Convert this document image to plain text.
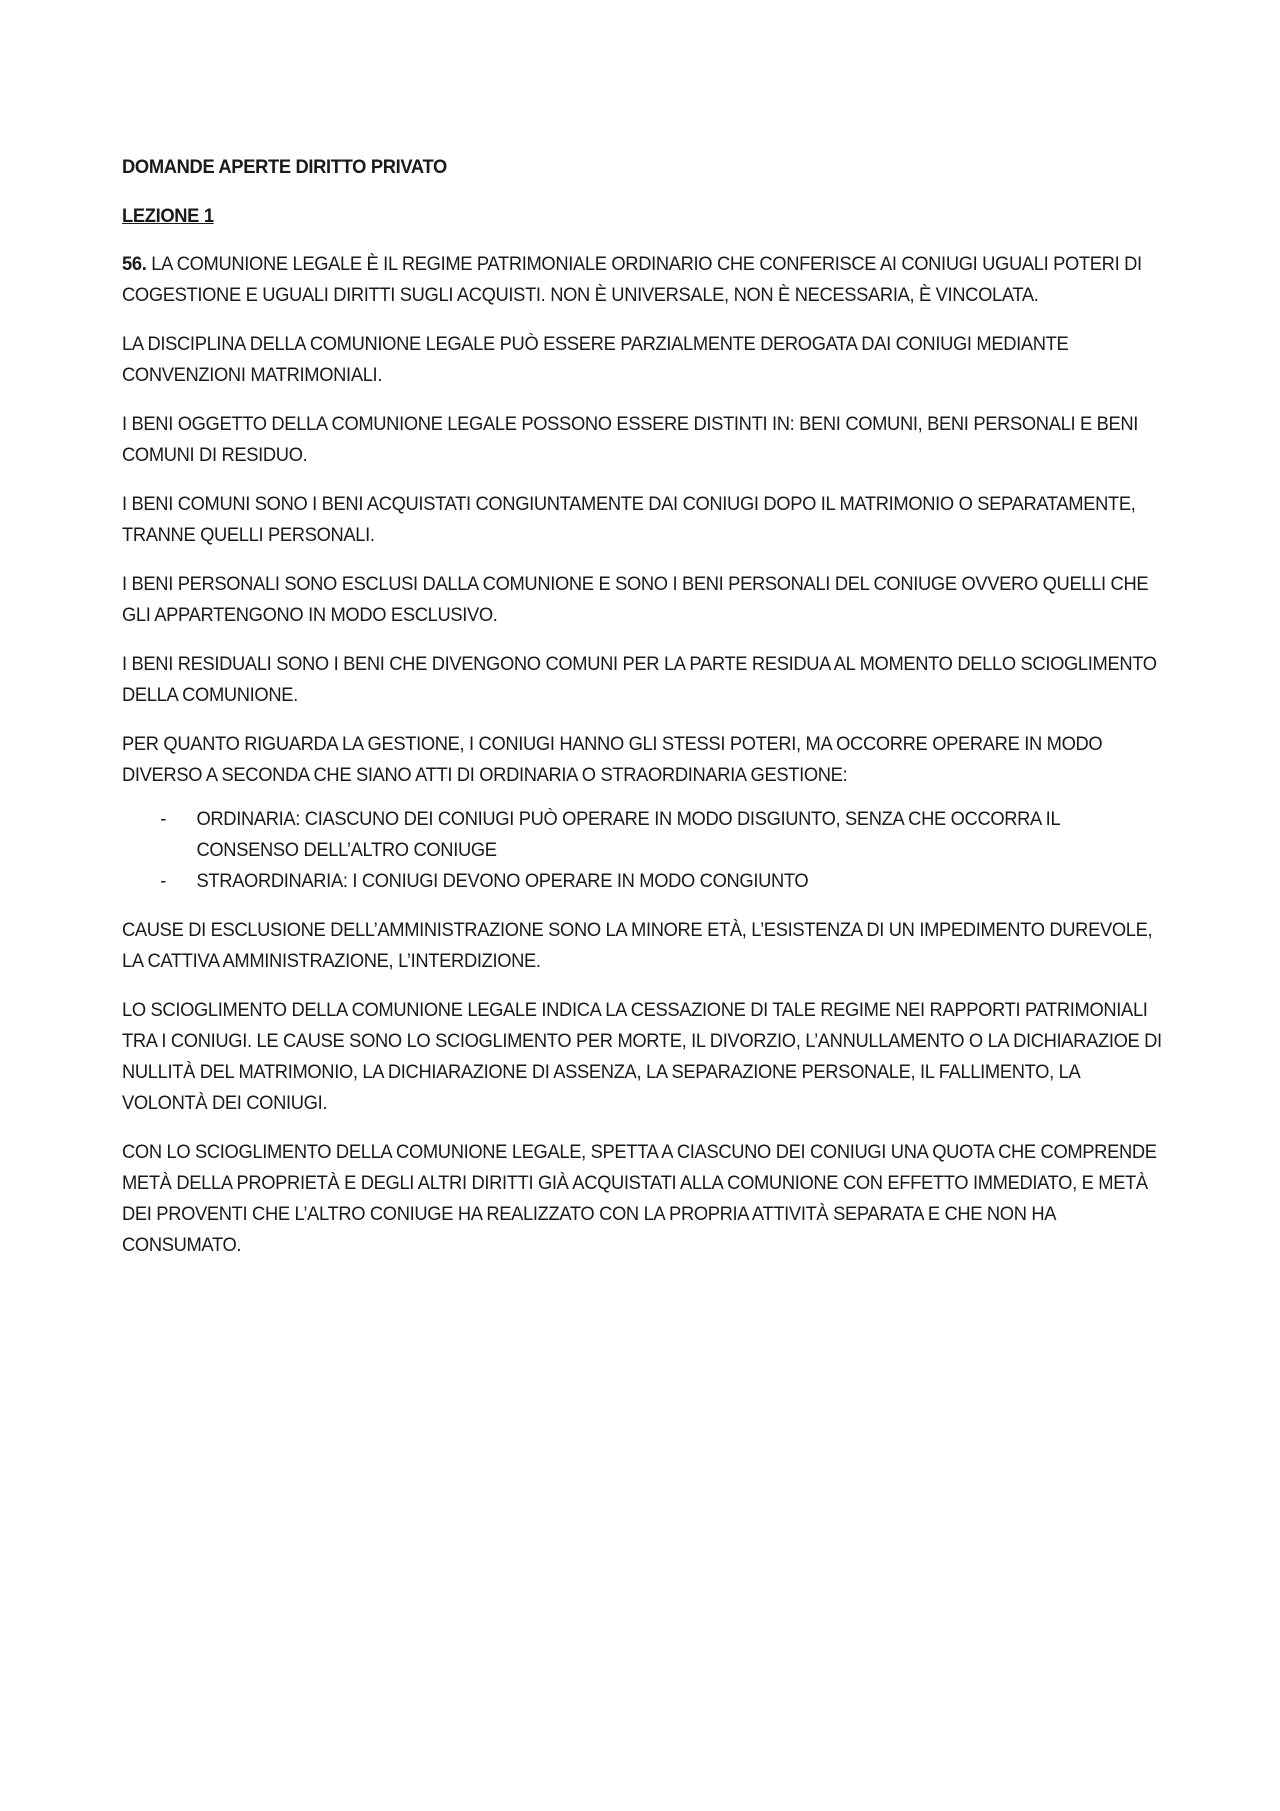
DOMANDE APERTE DIRITTO PRIVATO
LEZIONE 1

56. LA COMUNIONE LEGALE È IL REGIME PATRIMONIALE ORDINARIO CHE CONFERISCE AI CONIUGI UGUALI POTERI DI COGESTIONE E UGUALI DIRITTI SUGLI ACQUISTI. NON È UNIVERSALE, NON È NECESSARIA, È VINCOLATA.

LA DISCIPLINA DELLA COMUNIONE LEGALE PUÒ ESSERE PARZIALMENTE DEROGATA DAI CONIUGI MEDIANTE CONVENZIONI MATRIMONIALI.

I BENI OGGETTO DELLA COMUNIONE LEGALE POSSONO ESSERE DISTINTI IN: BENI COMUNI, BENI PERSONALI E BENI COMUNI DI RESIDUO.

I BENI COMUNI SONO I BENI ACQUISTATI CONGIUNTAMENTE DAI CONIUGI DOPO IL MATRIMONIO O SEPARATAMENTE, TRANNE QUELLI PERSONALI.

I BENI PERSONALI SONO ESCLUSI DALLA COMUNIONE E SONO I BENI PERSONALI DEL CONIUGE OVVERO QUELLI CHE GLI APPARTENGONO IN MODO ESCLUSIVO.

I BENI RESIDUALI SONO I BENI CHE DIVENGONO COMUNI PER LA PARTE RESIDUA AL MOMENTO DELLO SCIOGLIMENTO DELLA COMUNIONE.

PER QUANTO RIGUARDA LA GESTIONE, I CONIUGI HANNO GLI STESSI POTERI, MA OCCORRE OPERARE IN MODO DIVERSO A SECONDA CHE SIANO ATTI DI ORDINARIA O STRAORDINARIA GESTIONE:

- ORDINARIA: CIASCUNO DEI CONIUGI PUÒ OPERARE IN MODO DISGIUNTO, SENZA CHE OCCORRA IL CONSENSO DELL’ALTRO CONIUGE
- STRAORDINARIA: I CONIUGI DEVONO OPERARE IN MODO CONGIUNTO

CAUSE DI ESCLUSIONE DELL’AMMINISTRAZIONE SONO LA MINORE ETÀ, L’ESISTENZA DI UN IMPEDIMENTO DUREVOLE, LA CATTIVA AMMINISTRAZIONE, L’INTERDIZIONE.

LO SCIOGLIMENTO DELLA COMUNIONE LEGALE INDICA LA CESSAZIONE DI TALE REGIME NEI RAPPORTI PATRIMONIALI TRA I CONIUGI. LE CAUSE SONO LO SCIOGLIMENTO PER MORTE, IL DIVORZIO, L’ANNULLAMENTO O LA DICHIARAZIOE DI NULLITÀ DEL MATRIMONIO, LA DICHIARAZIONE DI ASSENZA, LA SEPARAZIONE PERSONALE, IL FALLIMENTO, LA VOLONTÀ DEI CONIUGI.

CON LO SCIOGLIMENTO DELLA COMUNIONE LEGALE, SPETTA A CIASCUNO DEI CONIUGI UNA QUOTA CHE COMPRENDE METÀ DELLA PROPRIETÀ E DEGLI ALTRI DIRITTI GIÀ ACQUISTATI ALLA COMUNIONE CON EFFETTO IMMEDIATO, E METÀ DEI PROVENTI CHE L’ALTRO CONIUGE HA REALIZZATO CON LA PROPRIA ATTIVITÀ SEPARATA E CHE NON HA CONSUMATO.
